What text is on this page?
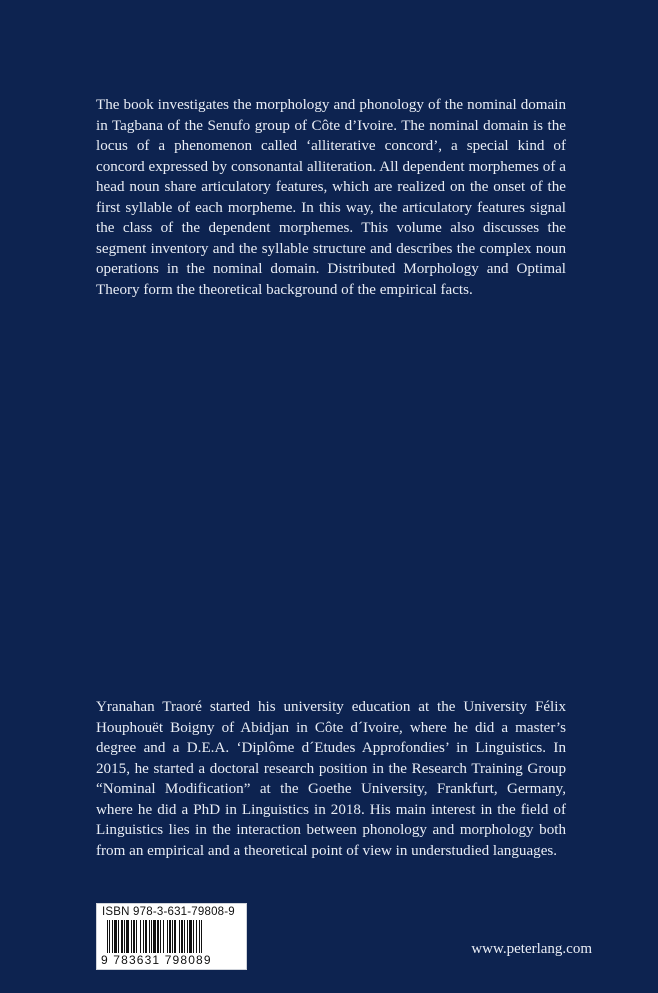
The book investigates the morphology and phonology of the nominal domain in Tagbana of the Senufo group of Côte d’Ivoire. The nominal domain is the locus of a phenomenon called ‘alliterative concord’, a special kind of concord expressed by consonantal alliteration. All dependent morphemes of a head noun share articulatory features, which are realized on the onset of the first syllable of each morpheme. In this way, the articulatory features signal the class of the dependent morphemes. This volume also discusses the segment inventory and the syllable structure and describes the complex noun operations in the nominal domain. Distributed Morphology and Optimal Theory form the theoretical background of the empirical facts.

Yranahan Traoré started his university education at the University Félix Houphouët Boigny of Abidjan in Côte d´Ivoire, where he did a master’s degree and a D.E.A. ‘Diplôme d´Etudes Approfondies’ in Linguistics. In 2015, he started a doctoral research position in the Research Training Group “Nominal Modification” at the Goethe University, Frankfurt, Germany, where he did a PhD in Linguistics in 2018. His main interest in the field of Linguistics lies in the interaction between phonology and morphology both from an empirical and a theoretical point of view in understudied languages.

ISBN 978-3-631-79808-9
9 783631 798089
www.peterlang.com
